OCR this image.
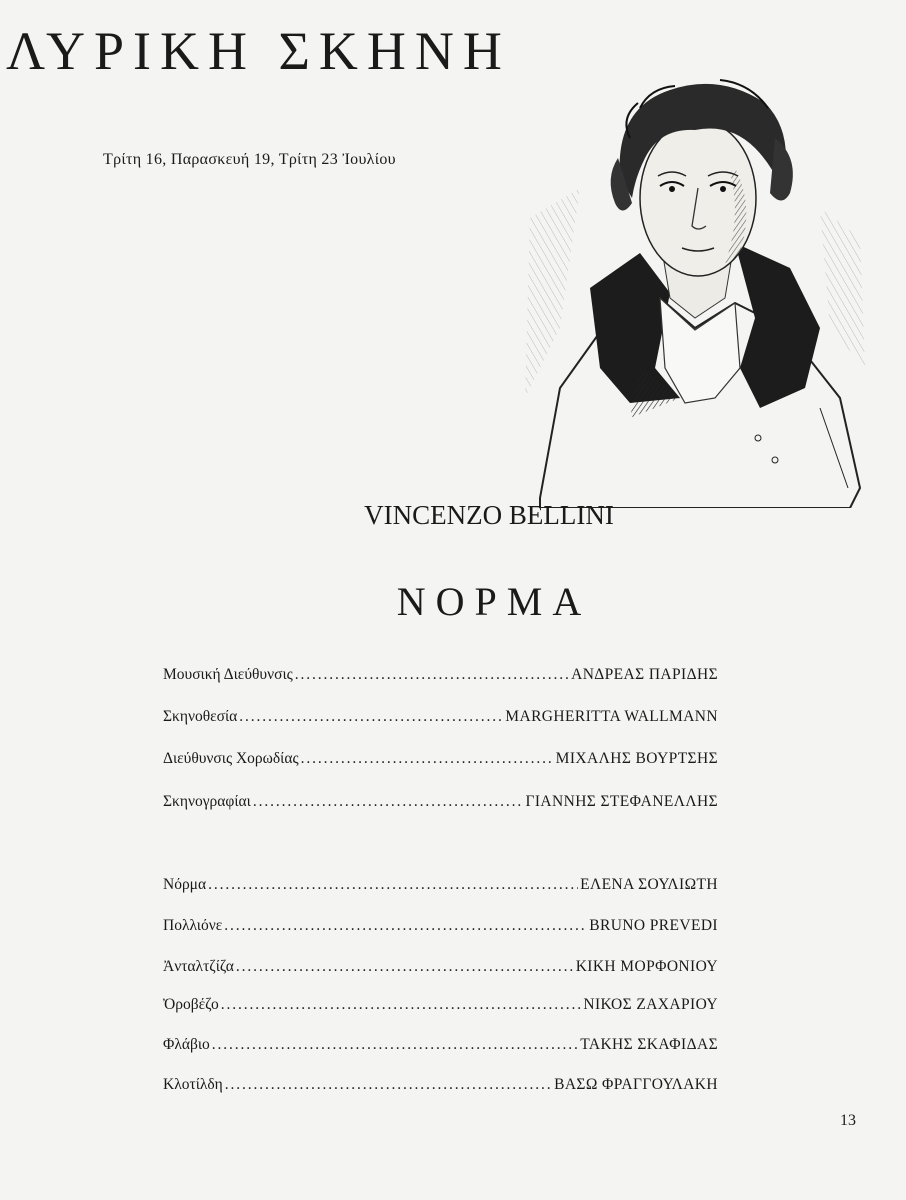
ΛΥΡΙΚΗ ΣΚΗΝΗ
Τρίτη 16, Παρασκευή 19, Τρίτη 23 Ἰουλίου
VINCENZO BELLINI
ΝΟΡΜΑ
Μουσική Διεύθυνσις . . .	ΑΝΔΡΕΑΣ ΠΑΡΙΔΗΣ
Σκηνοθεσία . . .	MARGHERITTA WALLMANN
Διεύθυνσις Χορωδίας . . .	ΜΙΧΑΛΗΣ ΒΟΥΡΤΣΗΣ
Σκηνογραφίαι . . .	ΓΙΑΝΝΗΣ ΣΤΕΦΑΝΕΛΛΗΣ
Νόρμα . . .	ΕΛΕΝΑ ΣΟΥΛΙΩΤΗ
Πολλιόνε . . .	BRUNO PREVEDI
Ἀνταλτζίζα . . .	ΚΙΚΗ ΜΟΡΦΟΝΙΟΥ
Ὀροβέζο . . .	ΝΙΚΟΣ ΖΑΧΑΡΙΟΥ
Φλάβιο . . .	ΤΑΚΗΣ ΣΚΑΦΙΔΑΣ
Κλοτίλδη . . .	ΒΑΣΩ ΦΡΑΓΓΟΥΛΑΚΗ
13
